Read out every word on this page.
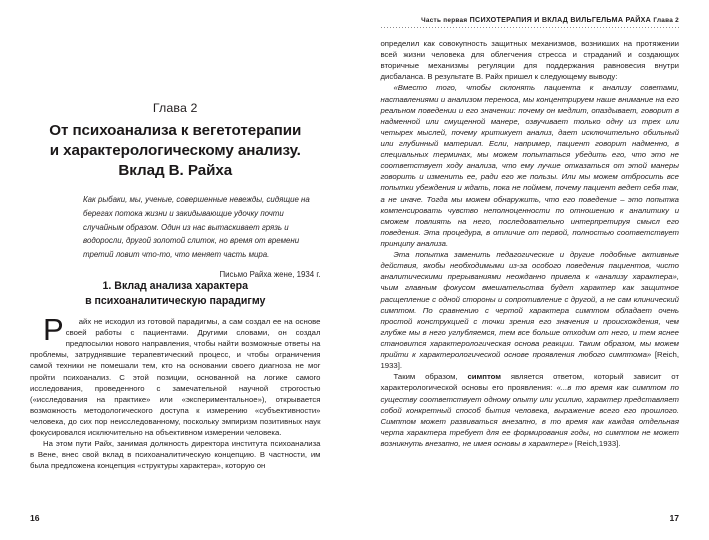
Глава 2
От психоанализа к вегетотерапии
и характерологическому анализу.
Вклад В. Райха

Как рыбаки, мы, ученые, совершенные невежды, сидящие на берегах потока жизни и закидывающие удочку почти случайным образом. Один из нас вытаскивает грязь и водоросли, другой золотой слиток, но время от времени третий ловит что-то, что меняет часть мира.

Письмо Райха жене, 1934 г.
1. Вклад анализа характера
в психоаналитическую парадигму

Райх не исходил из готовой парадигмы, а сам создал ее на основе своей работы с пациентами. Другими словами, он создал предпосылки нового направления, чтобы найти возможные ответы на проблемы, затруднявшие терапевтический процесс, и чтобы ограничения самой техники не помешали тем, кто на основании своего диагноза не мог пройти психоанализ. С этой позиции, основанной на логике самого исследования, проведенного с замечательной научной строгостью («исследования на практике» или «экспериментальное»), открывается возможность методологического доступа к измерению «субъективности» человека, до сих пор неисследованному, поскольку эмпиризм позитивных наук фокусировался исключительно на объективном измерении человека.

На этом пути Райх, занимая должность директора института психоанализа в Вене, внес свой вклад в психоаналитическую концепцию. В частности, им была предложена концепция «структуры характера», которую он

16
Часть первая ПСИХОТЕРАПИЯ И ВКЛАД ВИЛЬГЕЛЬМА РАЙХА Глава 2

определил как совокупность защитных механизмов, возникших на протяжении всей жизни человека для облегчения стресса и страданий и создающих вторичные механизмы регуляции для поддержания равновесия внутри дисбаланса. В результате В. Райх пришел к следующему выводу:

«Вместо того, чтобы склонять пациента к анализу советами, наставлениями и анализом переноса, мы концентрируем наше внимание на его реальном поведении и его значении: почему он медлит, опаздывает, говорит в надменной или смущенной манере, озвучивает только одну из трех или четырех мыслей, почему критикует анализ, дает исключительно обильный или глубинный материал. Если, например, пациент говорит надменно, в специальных терминах, мы можем попытаться убедить его, что это не соответствует ходу анализа, что ему лучше отказаться от этой манеры говорить и изменить ее, ради его же пользы. Или мы можем отбросить все попытки убеждения и ждать, пока не поймем, почему пациент ведет себя так, а не иначе. Тогда мы можем обнаружить, что его поведение – это попытка компенсировать чувство неполноценности по отношению к аналитику и сможем повлиять на него, последовательно интерпретируя смысл его поведения. Эта процедура, в отличие от первой, полностью соответствует принципу анализа.

Эта попытка заменить педагогические и другие подобные активные действия, якобы необходимыми из-за особого поведения пациентов, чисто аналитическими прерываниями неожданно привела к «анализу характера», чьим главным фокусом вмешательства будет характер как защитное расщепление с одной стороны и сопротивление с другой, а не сам клинический симптом. По сравнению с чертой характера симптом обладает очень простой конструкцией с точки зрения его значения и происхождения, чем глубже мы в него углубляемся, тем все больше отходим от него, и тем яснее становится характерологическая основа реакции. Таким образом, мы можем прийти к характерологической основе проявления любого симптома» [Reich, 1933].

Таким образом, симптом является ответом, который зависит от характерологической основы его проявления: «...в то время как симптом по существу соответствует одному опыту или усилию, характер представляет собой конкретный способ бытия человека, выражение всего его прошлого. Симптом может развиваться внезапно, в то время как каждая отдельная черта характера требует для ее формирования годы, но симптом не может возникнуть внезапно, не имея основы в характере» [Reich,1933].

17
